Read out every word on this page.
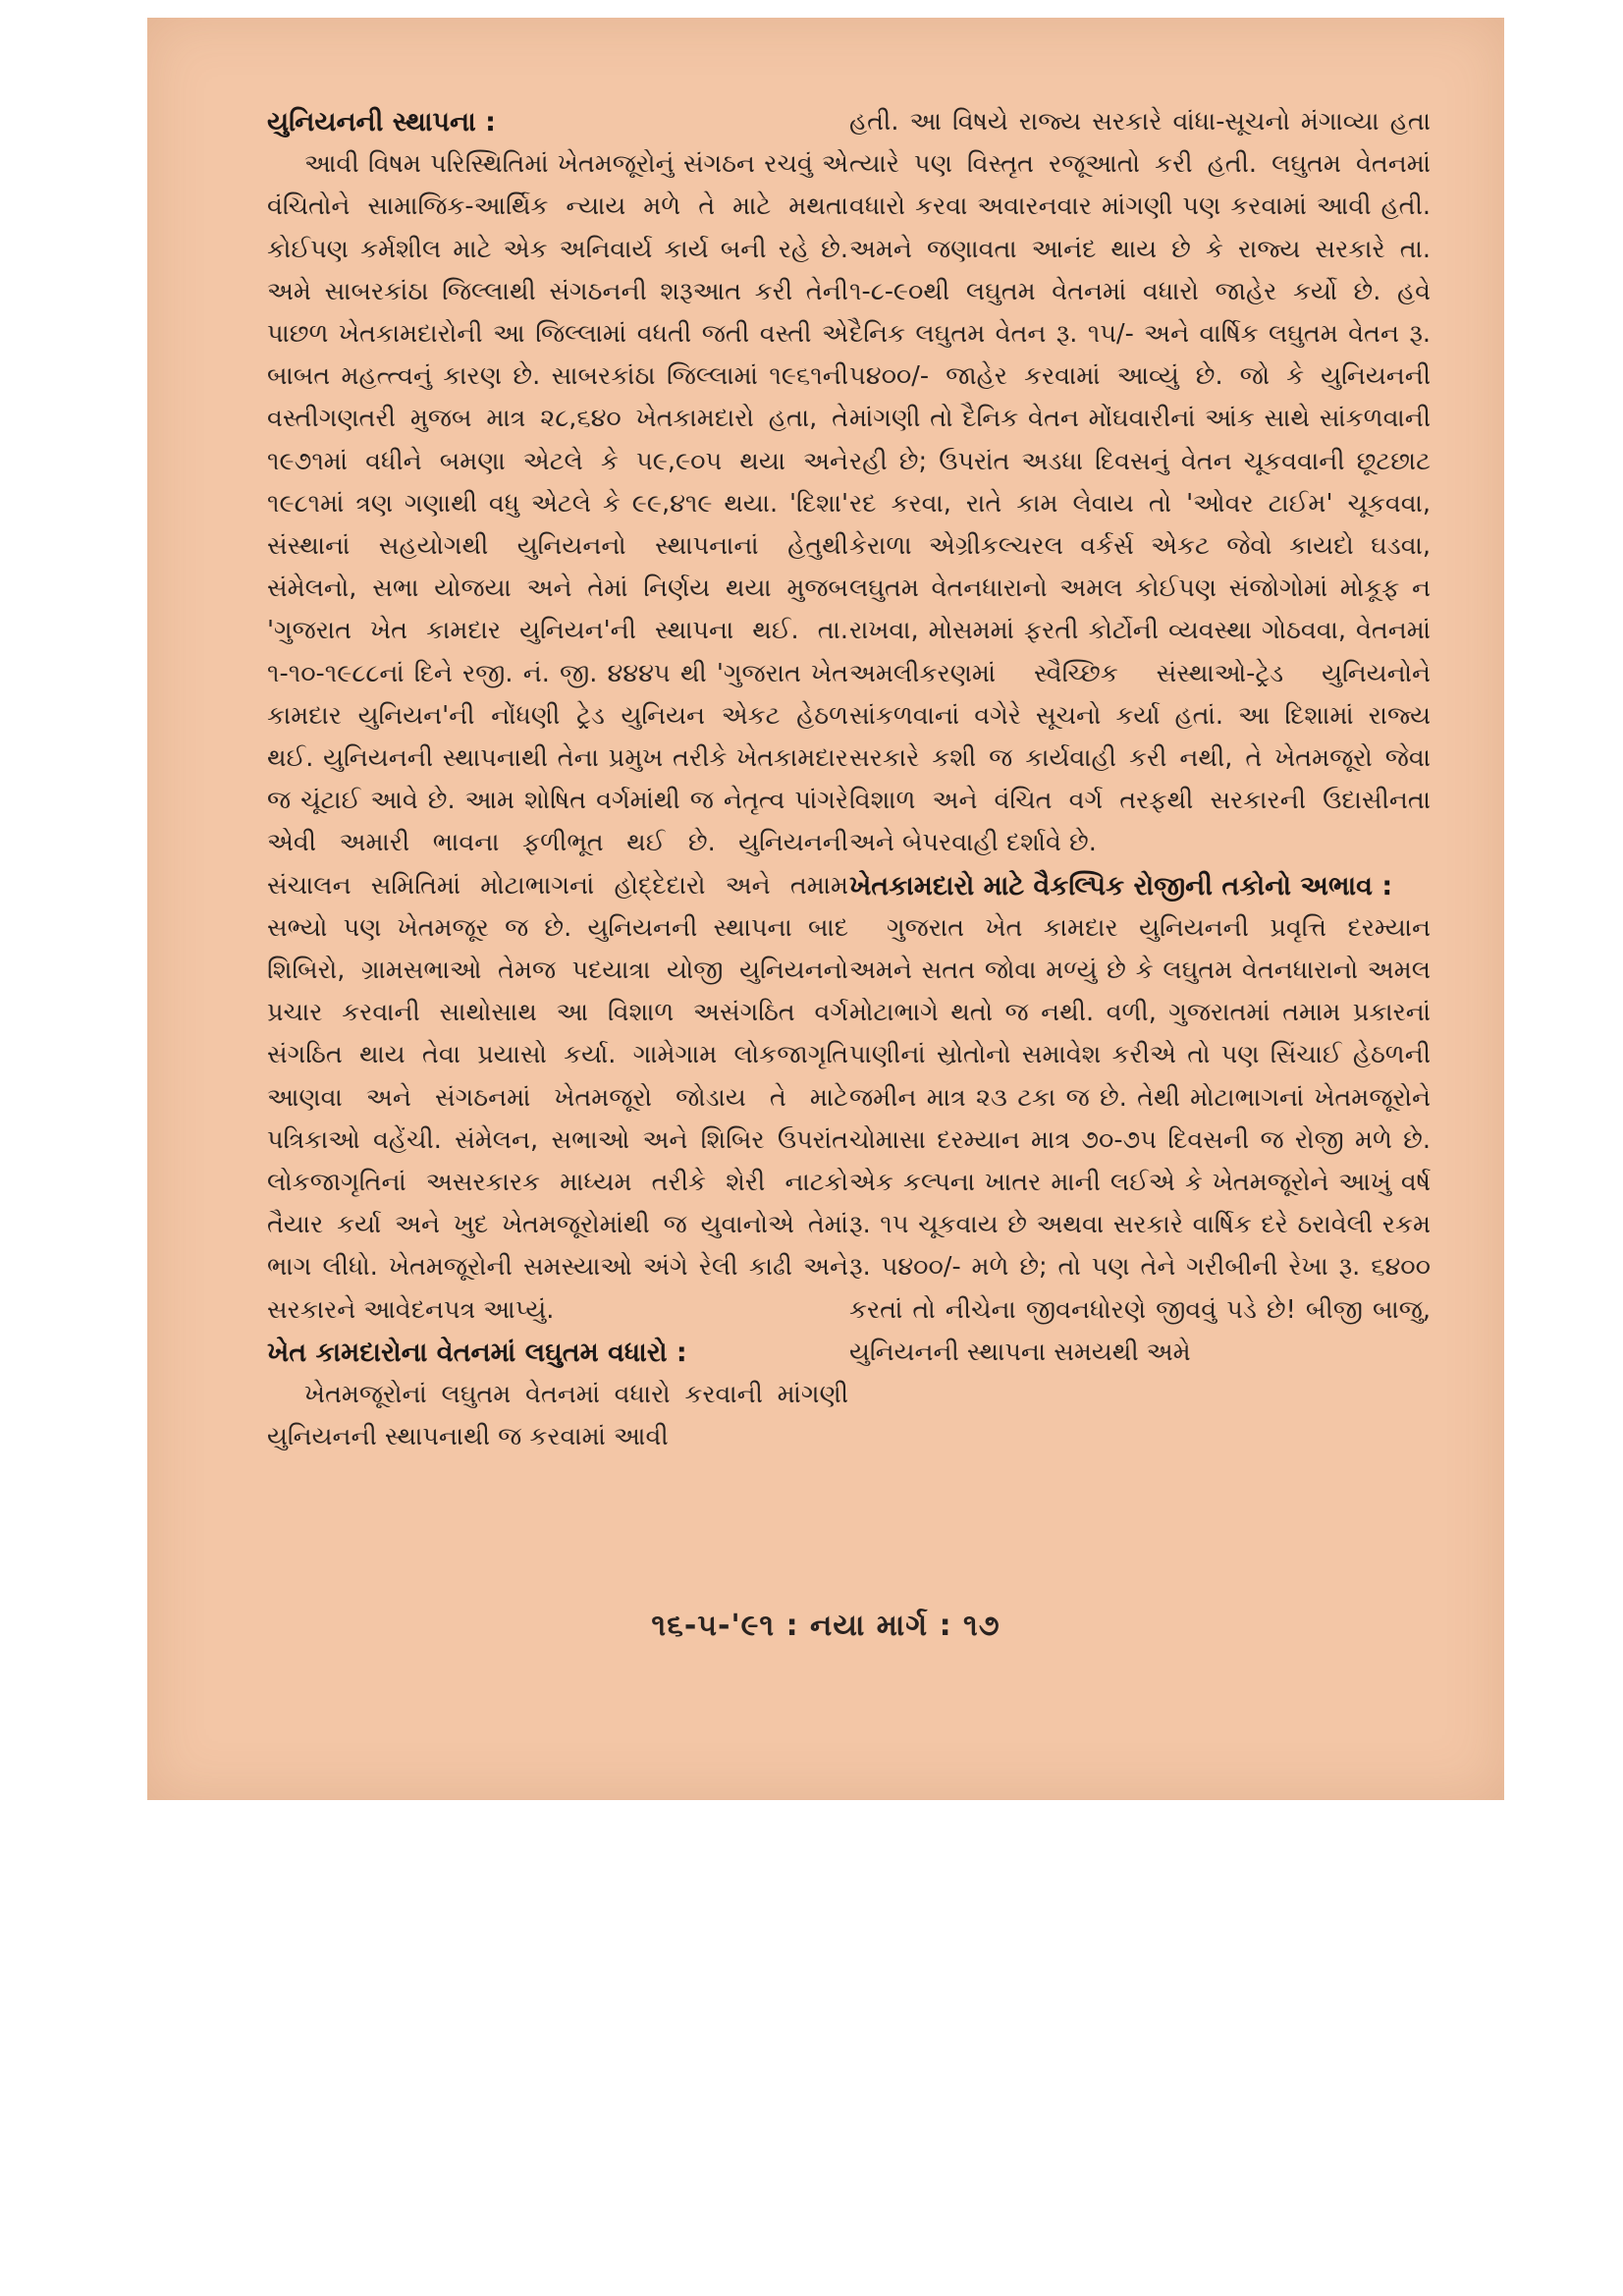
યુનિયનની સ્થાપના :

આવી વિષમ પરિસ્થિતિમાં ખેતમજૂરોનું સંગઠન રચવું એ વંચિતોને સામાજિક-આર્થિક ન્યાય મળે તે માટે મથતા કોઈપણ કર્મશીલ માટે એક અનિવાર્ય કાર્ય બની રહે છે. અમે સાબરકાંઠા જિલ્લાથી સંગઠનની શરૂઆત કરી તેની પાછળ ખેતકામદારોની આ જિલ્લામાં વધતી જતી વસ્તી એ બાબત મહત્ત્વનું કારણ છે. સાબરકાંઠા જિલ્લામાં ૧૯૬૧ની વસ્તીગણતરી મુજબ માત્ર ૨૮,૬૪૦ ખેતકામદારો હતા, તે ૧૯૭૧માં વધીને બમણા એટલે કે ૫૯,૯૦૫ થયા અને ૧૯૮૧માં ત્રણ ગણાથી વધુ એટલે કે ૯૯,૪૧૯ થયા. 'દિશા' સંસ્થાનાં સહયોગથી યુનિયનનો સ્થાપનાનાં હેતુથી સંમેલનો, સભા યોજયા અને તેમાં નિર્ણય થયા મુજબ 'ગુજરાત ખેત કામદાર યુનિયન'ની સ્થાપના થઈ. તા. ૧-૧૦-૧૯૮૮નાં દિને રજી. નં. જી. ૪૪૪૫ થી 'ગુજરાત ખેત કામદાર યુનિયન'ની નોંધણી ટ્રેડ યુનિયન એકટ હેઠળ થઈ. યુનિયનની સ્થાપનાથી તેના પ્રમુખ તરીકે ખેતકામદાર જ ચૂંટાઈ આવે છે. આમ શોષિત વર્ગમાંથી જ નેતૃત્વ પાંગરે એવી અમારી ભાવના ફળીભૂત થઈ છે. યુનિયનની સંચાલન સમિતિમાં મોટાભાગનાં હોદ્દેદારો અને તમામ સભ્યો પણ ખેતમજૂર જ છે. યુનિયનની સ્થાપના બાદ શિબિરો, ગ્રામસભાઓ તેમજ પદયાત્રા યોજી યુનિયનનો પ્રચાર કરવાની સાથોસાથ આ વિશાળ અસંગઠિત વર્ગ સંગઠિત થાય તેવા પ્રયાસો કર્યા. ગામેગામ લોકજાગૃતિ આણવા અને સંગઠનમાં ખેતમજૂરો જોડાય તે માટે પત્રિકાઓ વહેંચી. સંમેલન, સભાઓ અને શિબિર ઉપરાંત લોકજાગૃતિનાં અસરકારક માધ્યમ તરીકે શેરી નાટકો તૈયાર કર્યા અને ખુદ ખેતમજૂરોમાંથી જ યુવાનોએ તેમાં ભાગ લીધો. ખેતમજૂરોની સમસ્યાઓ અંગે રેલી કાઢી અને સરકારને આવેદનપત્ર આપ્યું.

ખેત કામદારોના વેતનમાં લઘુતમ વધારો :

ખેતમજૂરોનાં લઘુતમ વેતનમાં વધારો કરવાની માંગણી યુનિયનની સ્થાપનાથી જ કરવામાં આવી

હતી. આ વિષયે રાજ્ય સરકારે વાંધા-સૂચનો મંગાવ્યા હતા ત્યારે પણ વિસ્તૃત રજૂઆતો કરી હતી. લઘુતમ વેતનમાં વધારો કરવા અવારનવાર માંગણી પણ કરવામાં આવી હતી. અમને જણાવતા આનંદ થાય છે કે રાજ્ય સરકારે તા. ૧-૮-૯૦થી લઘુતમ વેતનમાં વધારો જાહેર કર્યો છે. હવે દૈનિક લઘુતમ વેતન રૂ. ૧૫/- અને વાર્ષિક લઘુતમ વેતન રૂ. ૫૪૦૦/- જાહેર કરવામાં આવ્યું છે. જો કે યુનિયનની માંગણી તો દૈનિક વેતન મોંઘવારીનાં આંક સાથે સાંકળવાની રહી છે; ઉપરાંત અડધા દિવસનું વેતન ચૂકવવાની છૂટછાટ રદ કરવા, રાતે કામ લેવાય તો 'ઓવર ટાઈમ' ચૂકવવા, કેરાળા એગ્રીકલ્ચરલ વર્કર્સ એકટ જેવો કાયદો ઘડવા, લઘુતમ વેતનધારાનો અમલ કોઈપણ સંજોગોમાં મોકૂફ ન રાખવા, મોસમમાં ફરતી કોર્ટોની વ્યવસ્થા ગોઠવવા, વેતનમાં અમલીકરણમાં સ્વૈચ્છિક સંસ્થાઓ-ટ્રેડ યુનિયનોને સાંકળવાનાં વગેરે સૂચનો કર્યા હતાં. આ દિશામાં રાજ્ય સરકારે કશી જ કાર્યવાહી કરી નથી, તે ખેતમજૂરો જેવા વિશાળ અને વંચિત વર્ગ તરફથી સરકારની ઉદાસીનતા અને બેપરવાહી દર્શાવે છે.

ખેતકામદારો માટે વૈકલ્પિક રોજીની તકોનો અભાવ :

ગુજરાત ખેત કામદાર યુનિયનની પ્રવૃત્તિ દરમ્યાન અમને સતત જોવા મળ્યું છે કે લઘુતમ વેતનધારાનો અમલ મોટાભાગે થતો જ નથી. વળી, ગુજરાતમાં તમામ પ્રકારનાં પાણીનાં સ્રોતોનો સમાવેશ કરીએ તો પણ સિંચાઈ હેઠળની જમીન માત્ર ૨૩ ટકા જ છે. તેથી મોટાભાગનાં ખેતમજૂરોને ચોમાસા દરમ્યાન માત્ર ૭૦-૭૫ દિવસની જ રોજી મળે છે. એક કલ્પના ખાતર માની લઈએ કે ખેતમજૂરોને આખું વર્ષ રૂ. ૧૫ ચૂકવાય છે અથવા સરકારે વાર્ષિક દરે ઠરાવેલી રકમ રૂ. ૫૪૦૦/- મળે છે; તો પણ તેને ગરીબીની રેખા રૂ. ૬૪૦૦ કરતાં તો નીચેના જીવનધોરણે જીવવું પડે છે! બીજી બાજુ, યુનિયનની સ્થાપના સમયથી અમે

૧૬-૫-'૯૧ : નયા માર્ગ : ૧૭
